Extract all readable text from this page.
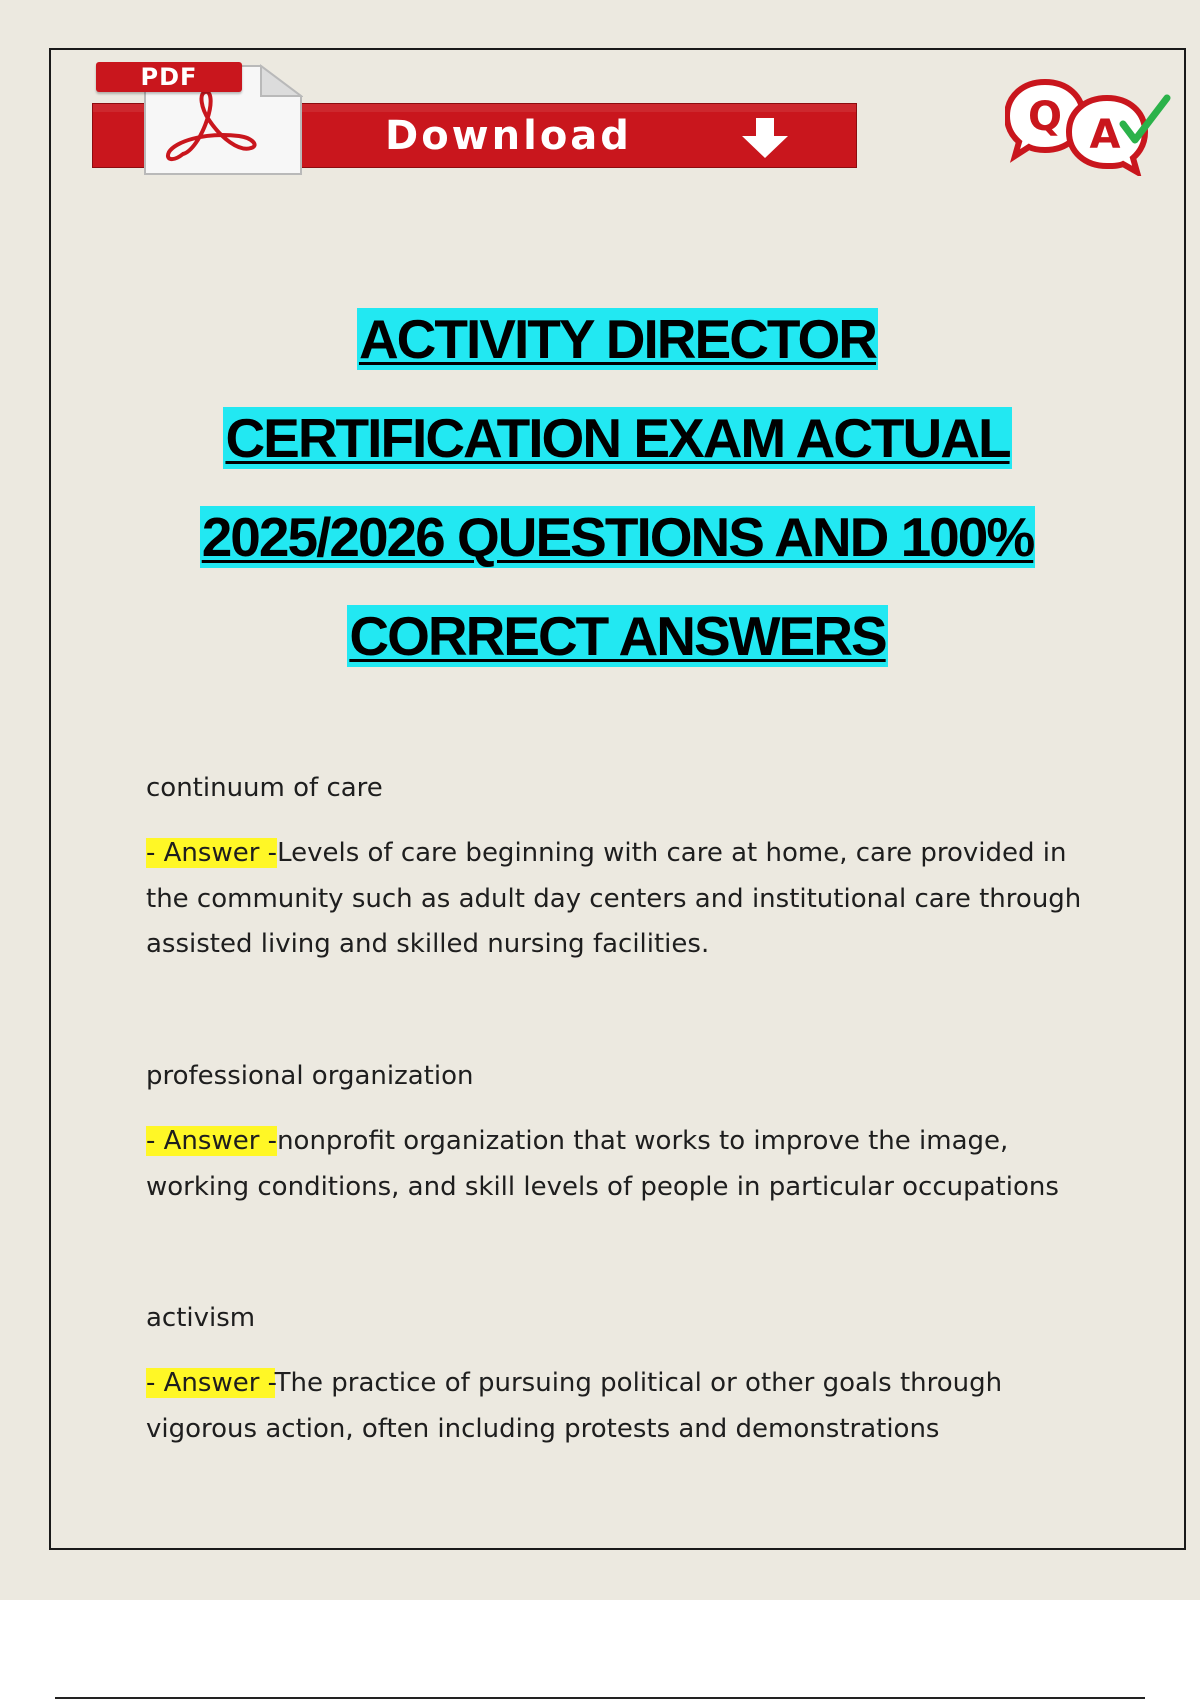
PDF
Download	Q A
ACTIVITY DIRECTOR
CERTIFICATION EXAM ACTUAL
2025/2026 QUESTIONS AND 100%
CORRECT ANSWERS

continuum of care

- Answer -Levels of care beginning with care at home, care provided in the community such as adult day centers and institutional care through assisted living and skilled nursing facilities.

professional organization

- Answer -nonprofit organization that works to improve the image, working conditions, and skill levels of people in particular occupations

activism

- Answer -The practice of pursuing political or other goals through vigorous action, often including protests and demonstrations
